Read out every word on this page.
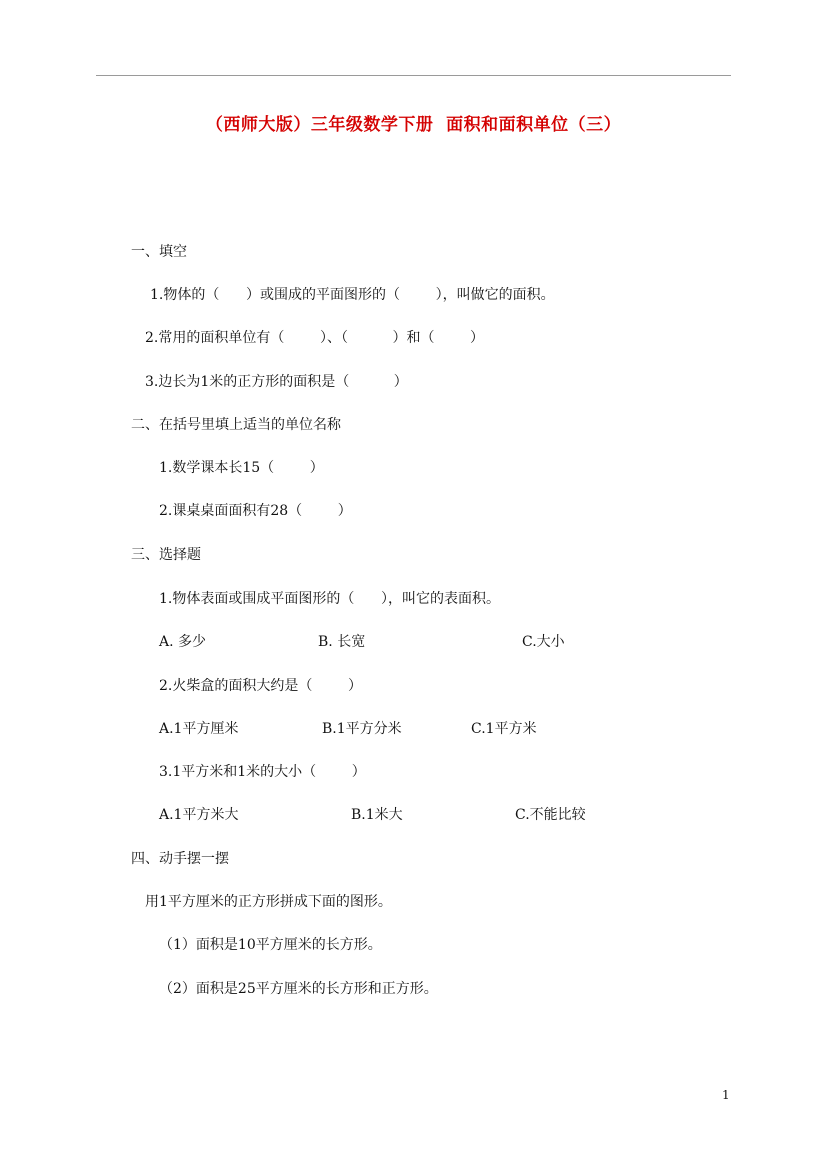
（西师大版）三年级数学下册  面积和面积单位（三）
一、填空
1.物体的（      ）或围成的平面图形的（        ），叫做它的面积。
2.常用的面积单位有（        ）、（          ）和（        ）
3.边长为1米的正方形的面积是（          ）
二、在括号里填上适当的单位名称
1.数学课本长15（        ）
2.课桌桌面面积有28（        ）
三、选择题
1.物体表面或围成平面图形的（      ），叫它的表面积。
A. 多少	B. 长宽	C.大小
2.火柴盒的面积大约是（        ）
A.1平方厘米	B.1平方分米	C.1平方米
3.1平方米和1米的大小（        ）
A.1平方米大	B.1米大	C.不能比较
四、动手摆一摆
用1平方厘米的正方形拼成下面的图形。
（1）面积是10平方厘米的长方形。
（2）面积是25平方厘米的长方形和正方形。
1
